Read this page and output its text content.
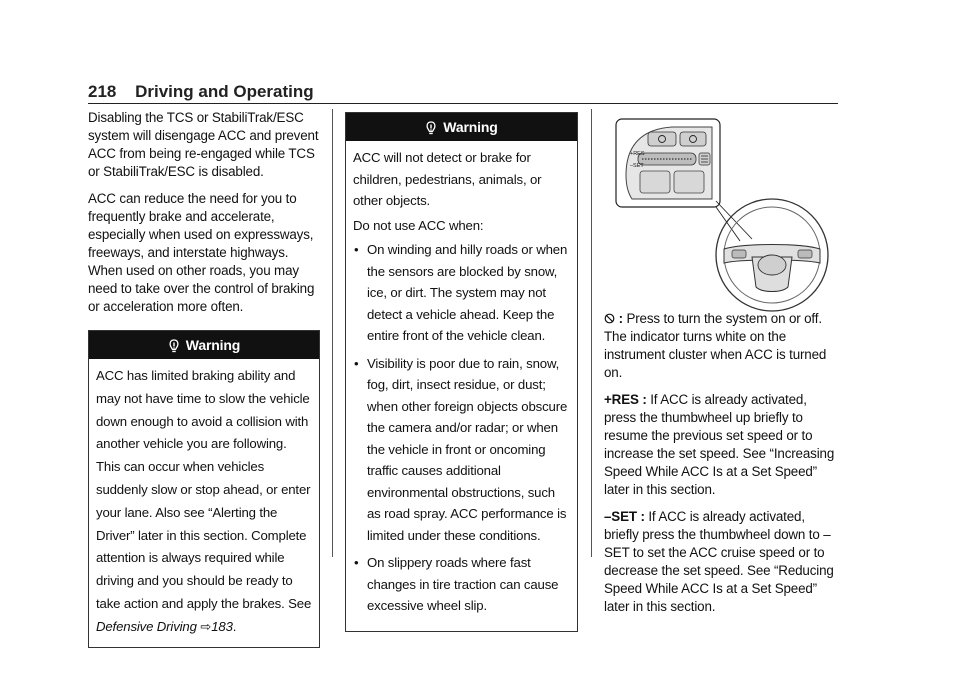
218 Driving and Operating

Disabling the TCS or StabiliTrak/ESC system will disengage ACC and prevent ACC from being re-engaged while TCS or StabiliTrak/ESC is disabled.

ACC can reduce the need for you to frequently brake and accelerate, especially when used on expressways, freeways, and interstate highways. When used on other roads, you may need to take over the control of braking or acceleration more often.

Warning
ACC has limited braking ability and may not have time to slow the vehicle down enough to avoid a collision with another vehicle you are following. This can occur when vehicles suddenly slow or stop ahead, or enter your lane. Also see “Alerting the Driver” later in this section. Complete attention is always required while driving and you should be ready to take action and apply the brakes. See Defensive Driving ⇨183.
Warning

ACC will not detect or brake for children, pedestrians, animals, or other objects.

Do not use ACC when:

• On winding and hilly roads or when the sensors are blocked by snow, ice, or dirt. The system may not detect a vehicle ahead. Keep the entire front of the vehicle clean.
• Visibility is poor due to rain, snow, fog, dirt, insect residue, or dust; when other foreign objects obscure the camera and/or radar; or when the vehicle in front or oncoming traffic causes additional environmental obstructions, such as road spray. ACC performance is limited under these conditions.
• On slippery roads where fast changes in tire traction can cause excessive wheel slip.
+RES
–SET

: Press to turn the system on or off. The indicator turns white on the instrument cluster when ACC is turned on.

+RES : If ACC is already activated, press the thumbwheel up briefly to resume the previous set speed or to increase the set speed. See “Increasing Speed While ACC Is at a Set Speed” later in this section.

–SET : If ACC is already activated, briefly press the thumbwheel down to –SET to set the ACC cruise speed or to decrease the set speed. See “Reducing Speed While ACC Is at a Set Speed” later in this section.
